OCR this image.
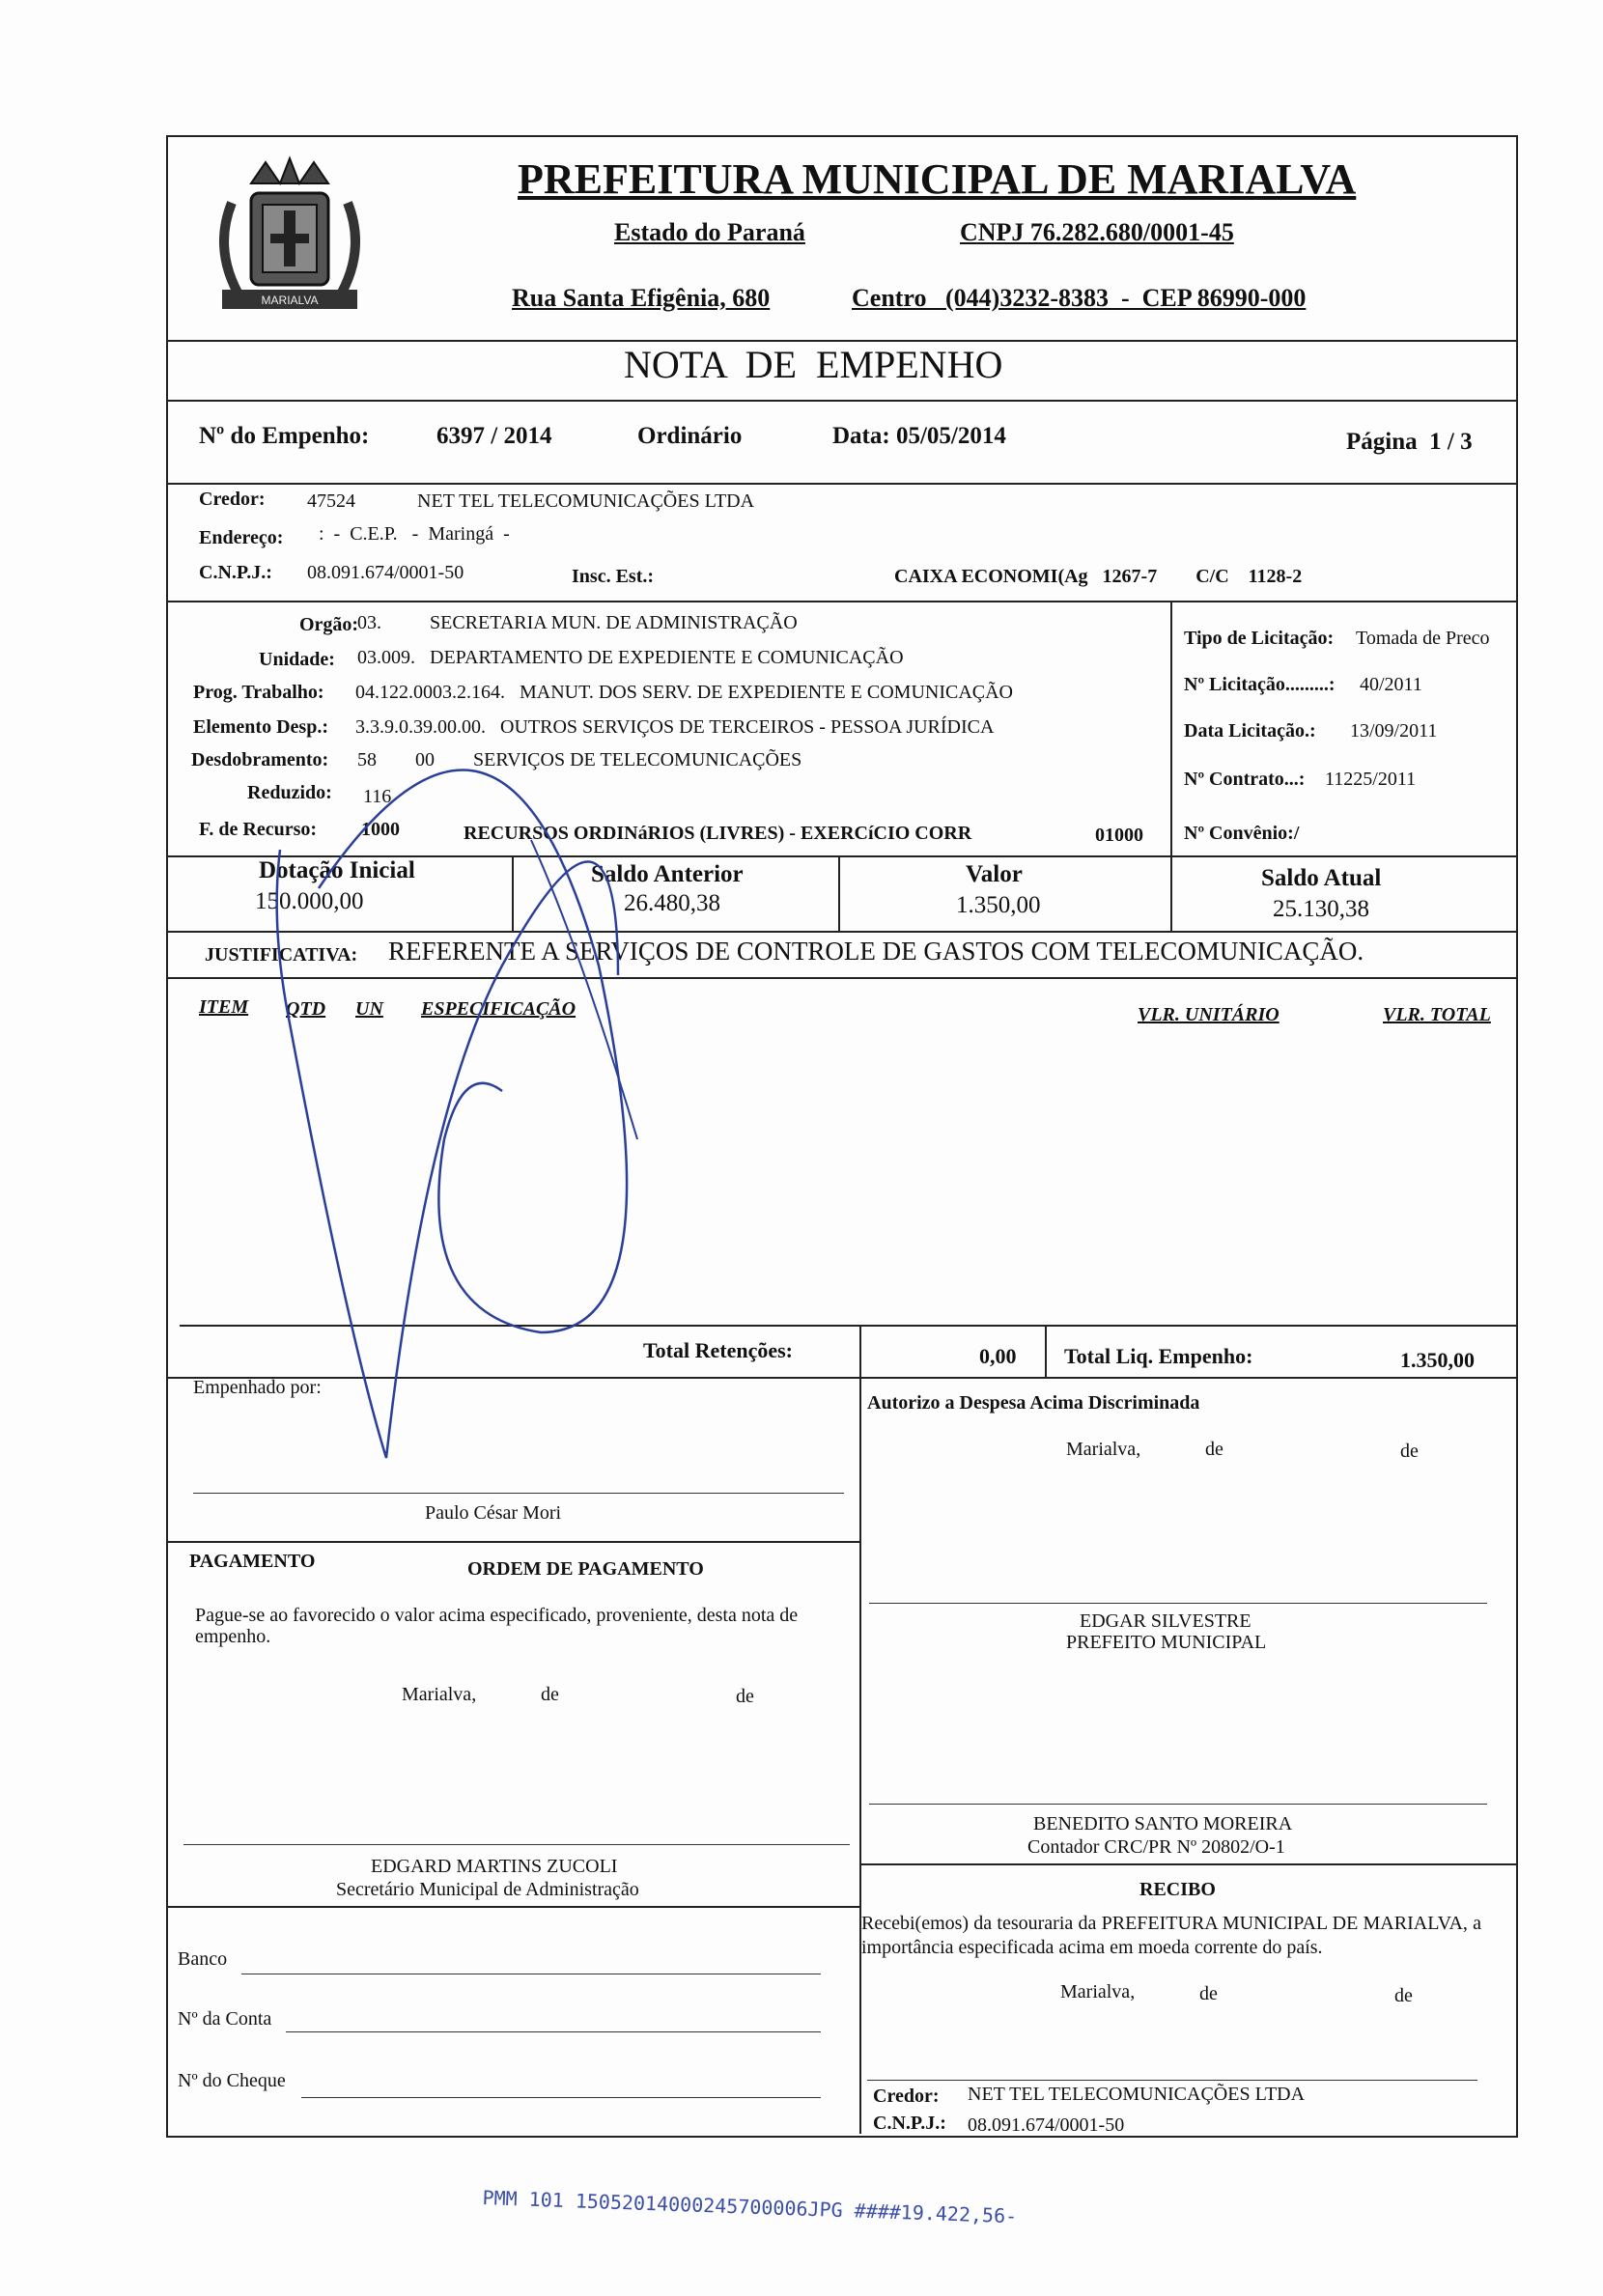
MARIALVA
PREFEITURA MUNICIPAL DE MARIALVA
Estado do Paraná	CNPJ 76.282.680/0001-45
Rua Santa Efigênia, 680	Centro   (044)3232-8383  -  CEP 86990-000
NOTA  DE  EMPENHO
Nº do Empenho:	6397 / 2014	Ordinário	Data: 05/05/2014	Página  1 / 3
Credor: 47524	NET TEL TELECOMUNICAÇÕES LTDA
Endereço: :  -  C.E.P.   -  Maringá  -
C.N.P.J.: 08.091.674/0001-50	Insc. Est.:	CAIXA ECONOMI(Ag   1267-7        C/C    1128-2
Orgão:
03.          SECRETARIA MUN. DE ADMINISTRAÇÃO
Unidade: 03.009.   DEPARTAMENTO DE EXPEDIENTE E COMUNICAÇÃO
Prog. Trabalho: 04.122.0003.2.164.   MANUT. DOS SERV. DE EXPEDIENTE E COMUNICAÇÃO
Elemento Desp.: 3.3.9.0.39.00.00.   OUTROS SERVIÇOS DE TERCEIROS - PESSOA JURÍDICA
Desdobramento: 58        00        SERVIÇOS DE TELECOMUNICAÇÕES
Reduzido: 116
F. de Recurso: 1000	RECURSOS ORDINáRIOS (LIVRES) - EXERCíCIO CORR	01000
Tipo de Licitação: Tomada de Preco
Nº Licitação.........: 40/2011
Data Licitação.: 13/09/2011
Nº Contrato...: 11225/2011
Nº Convênio:/
Dotação Inicial
150.000,00
Saldo Anterior
26.480,38
Valor
1.350,00
Saldo Atual
25.130,38
JUSTIFICATIVA: REFERENTE A SERVIÇOS DE CONTROLE DE GASTOS COM TELECOMUNICAÇÃO.
ITEM QTD UN ESPECIFICAÇÃO	VLR. UNITÁRIO	VLR. TOTAL
Total Retenções:	0,00 Total Liq. Empenho:	1.350,00
Empenhado por:
Paulo César Mori
Autorizo a Despesa Acima Discriminada
Marialva,	de	de
EDGAR SILVESTRE
PREFEITO MUNICIPAL
BENEDITO SANTO MOREIRA
Contador CRC/PR Nº 20802/O-1
PAGAMENTO	ORDEM DE PAGAMENTO
Pague-se ao favorecido o valor acima especificado, proveniente, desta nota de empenho.
Marialva,	de	de
EDGARD MARTINS ZUCOLI
Secretário Municipal de Administração	RECIBO
Recebi(emos) da tesouraria da PREFEITURA MUNICIPAL DE MARIALVA, a importância especificada acima em moeda corrente do país.
Marialva,	de	de
Credor: NET TEL TELECOMUNICAÇÕES LTDA
C.N.P.J.: 08.091.674/0001-50
Banco
Nº da Conta
Nº do Cheque
PMM 101 15052014000245700006JPG ####19.422,56-
